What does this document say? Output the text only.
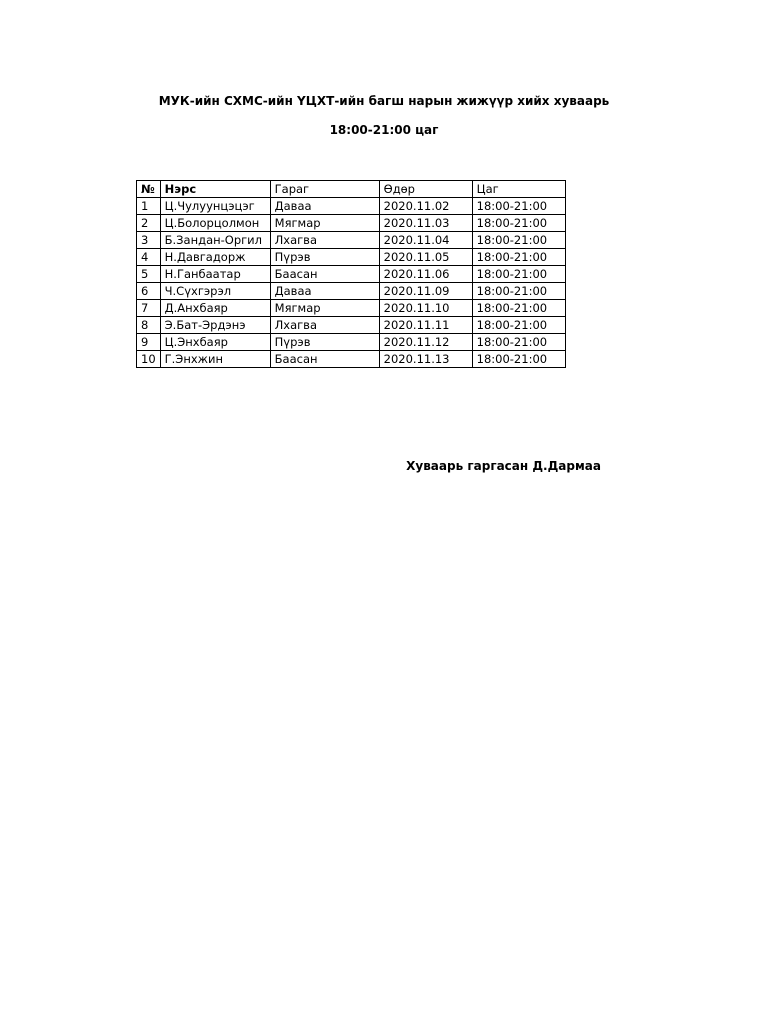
МУК-ийн СХМС-ийн ҮЦХТ-ийн багш нарын жижүүр хийх хуваарь
18:00-21:00 цаг
№	Нэрс	Гараг	Өдөр	Цаг
1	Ц.Чулуунцэцэг	Даваа	2020.11.02	18:00-21:00
2	Ц.Болорцолмон	Мягмар	2020.11.03	18:00-21:00
3	Б.Зандан-Оргил	Лхагва	2020.11.04	18:00-21:00
4	Н.Давгадорж	Пүрэв	2020.11.05	18:00-21:00
5	Н.Ганбаатар	Баасан	2020.11.06	18:00-21:00
6	Ч.Сүхгэрэл	Даваа	2020.11.09	18:00-21:00
7	Д.Анхбаяр	Мягмар	2020.11.10	18:00-21:00
8	Э.Бат-Эрдэнэ	Лхагва	2020.11.11	18:00-21:00
9	Ц.Энхбаяр	Пүрэв	2020.11.12	18:00-21:00
10	Г.Энхжин	Баасан	2020.11.13	18:00-21:00
Хуваарь гаргасан Д.Дармаа
